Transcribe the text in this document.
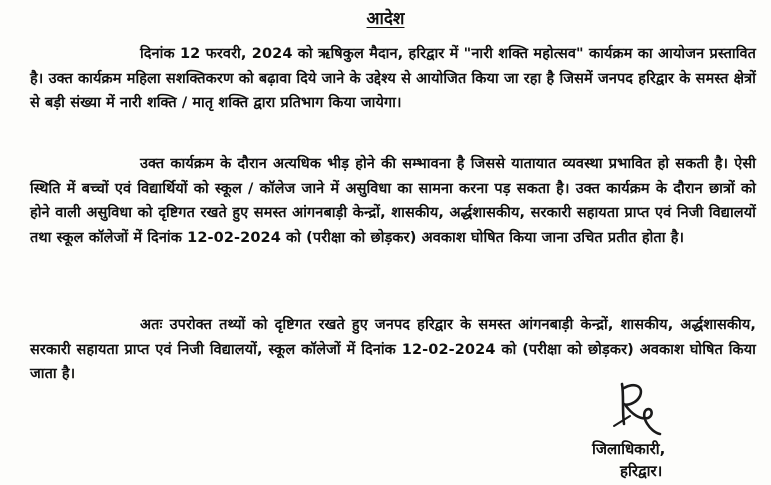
आदेश
दिनांक 12 फरवरी, 2024 को ऋषिकुल मैदान, हरिद्वार में "नारी शक्ति महोत्सव" कार्यक्रम का आयोजन प्रस्तावित है। उक्त कार्यक्रम महिला सशक्तिकरण को बढ़ावा दिये जाने के उद्देश्य से आयोजित किया जा रहा है जिसमें जनपद हरिद्वार के समस्त क्षेत्रों से बड़ी संख्या में नारी शक्ति / मातृ शक्ति द्वारा प्रतिभाग किया जायेगा।
उक्त कार्यक्रम के दौरान अत्यधिक भीड़ होने की सम्भावना है जिससे यातायात व्यवस्था प्रभावित हो सकती है। ऐसी स्थिति में बच्चों एवं विद्यार्थियों को स्कूल / कॉलेज जाने में असुविधा का सामना करना पड़ सकता है। उक्त कार्यक्रम के दौरान छात्रों को होने वाली असुविधा को दृष्टिगत रखते हुए समस्त आंगनबाड़ी केन्द्रों, शासकीय, अर्द्धशासकीय, सरकारी सहायता प्राप्त एवं निजी विद्यालयों तथा स्कूल कॉलेजों में दिनांक 12-02-2024 को (परीक्षा को छोड़कर) अवकाश घोषित किया जाना उचित प्रतीत होता है।
अतः उपरोक्त तथ्यों को दृष्टिगत रखते हुए जनपद हरिद्वार के समस्त आंगनबाड़ी केन्द्रों, शासकीय, अर्द्धशासकीय, सरकारी सहायता प्राप्त एवं निजी विद्यालयों, स्कूल कॉलेजों में दिनांक 12-02-2024 को (परीक्षा को छोड़कर) अवकाश घोषित किया जाता है।
जिलाधिकारी,
हरिद्वार।
